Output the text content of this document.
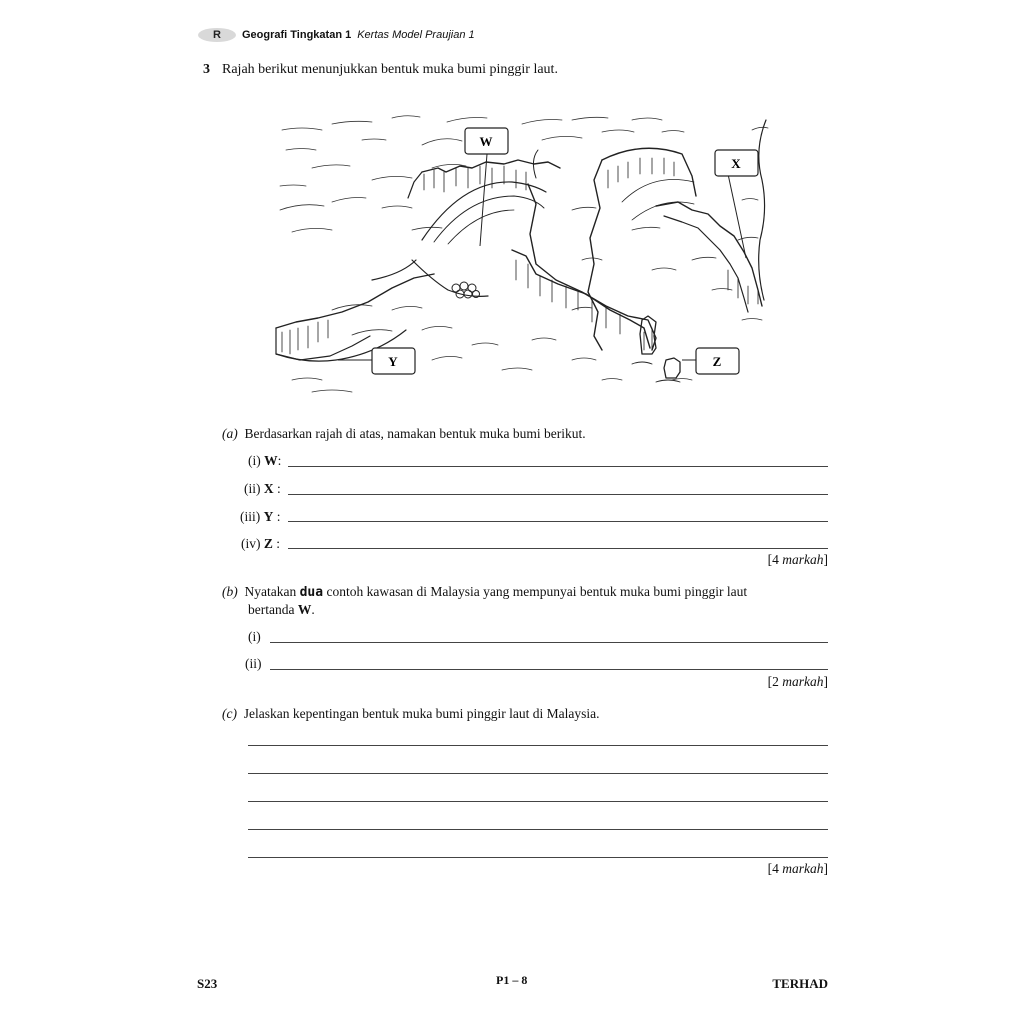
R	Geografi Tingkatan 1 Kertas Model Praujian 1
3 Rajah berikut menunjukkan bentuk muka bumi pinggir laut.
W
X
Y	Z
(a) Berdasarkan rajah di atas, namakan bentuk muka bumi berikut.
(i) W:
(ii) X :
(iii) Y :
(iv) Z :
[4 markah]
(b) Nyatakan dua contoh kawasan di Malaysia yang mempunyai bentuk muka bumi pinggir laut
bertanda W.
(i)
(ii)
[2 markah]
(c) Jelaskan kepentingan bentuk muka bumi pinggir laut di Malaysia.
[4 markah]
S23	P1 – 8	TERHAD
